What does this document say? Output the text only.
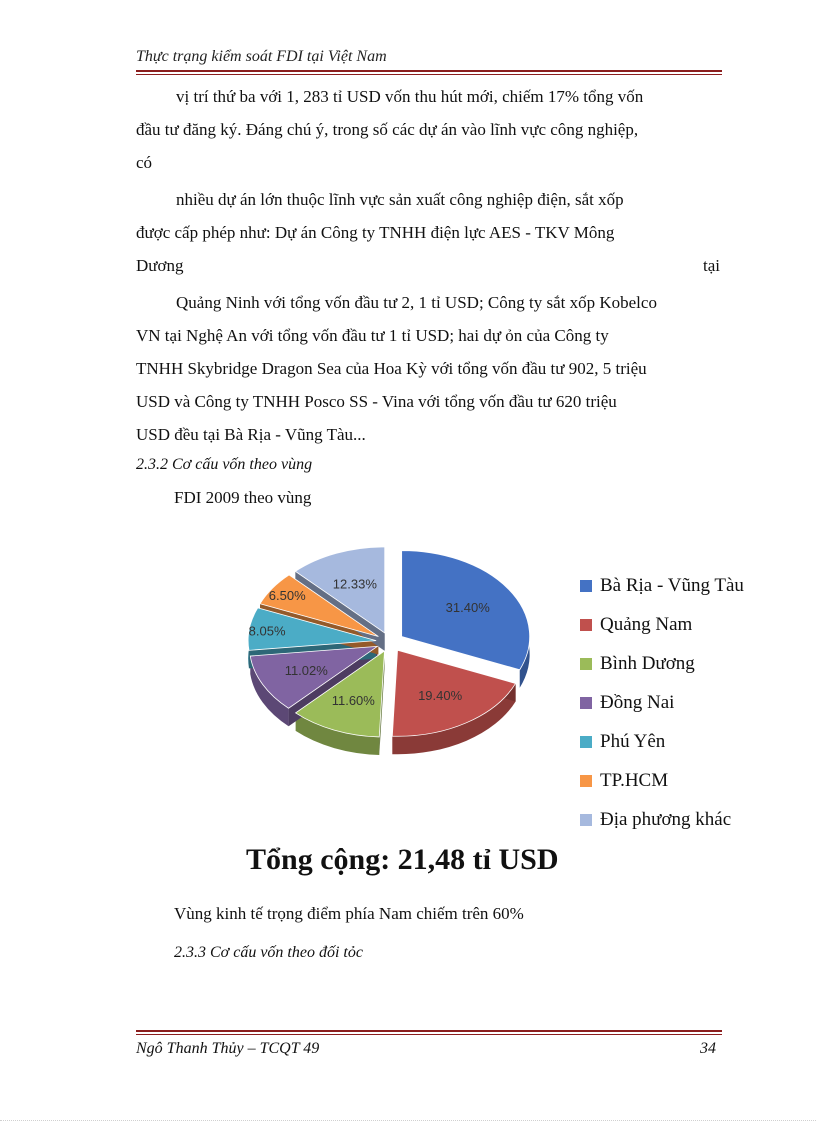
Thực trạng kiểm soát FDI tại Việt Nam
vị trí thứ ba với 1, 283 tỉ USD vốn thu hút mới, chiếm 17% tổng vốn
đầu tư đăng ký. Đáng chú ý, trong số các dự án vào lĩnh vực công nghiệp,
có
nhiều dự án lớn thuộc lĩnh vực sản xuất công nghiệp điện, sắt xốp
được cấp phép như: Dự án Công ty TNHH điện lực AES - TKV Mông
Dương	tại
Quảng Ninh với tổng vốn đầu tư 2, 1 tỉ USD; Công ty sắt xốp Kobelco
VN tại Nghệ An với tổng vốn đầu tư 1 tỉ USD; hai dự ỏn của Công ty
TNHH Skybridge Dragon Sea của Hoa Kỳ với tổng vốn đầu tư 902, 5 triệu
USD và Công ty TNHH Posco SS - Vina với tổng vốn đầu tư 620 triệu
USD đều tại Bà Rịa - Vũng Tàu...
2.3.2 Cơ cấu vốn theo vùng
FDI 2009 theo vùng
31.40%
19.40%
11.60%
11.02%
8.05%
6.50%
12.33%	Bà Rịa - Vũng Tàu
Quảng Nam
Bình Dương
Đồng Nai
Phú Yên
TP.HCM
Địa phương khác
Tổng cộng: 21,48 tỉ USD
Vùng kinh tế trọng điểm phía Nam chiếm trên 60%
2.3.3 Cơ cấu vốn theo đối tỏc
Ngô Thanh Thủy – TCQT 49	34
